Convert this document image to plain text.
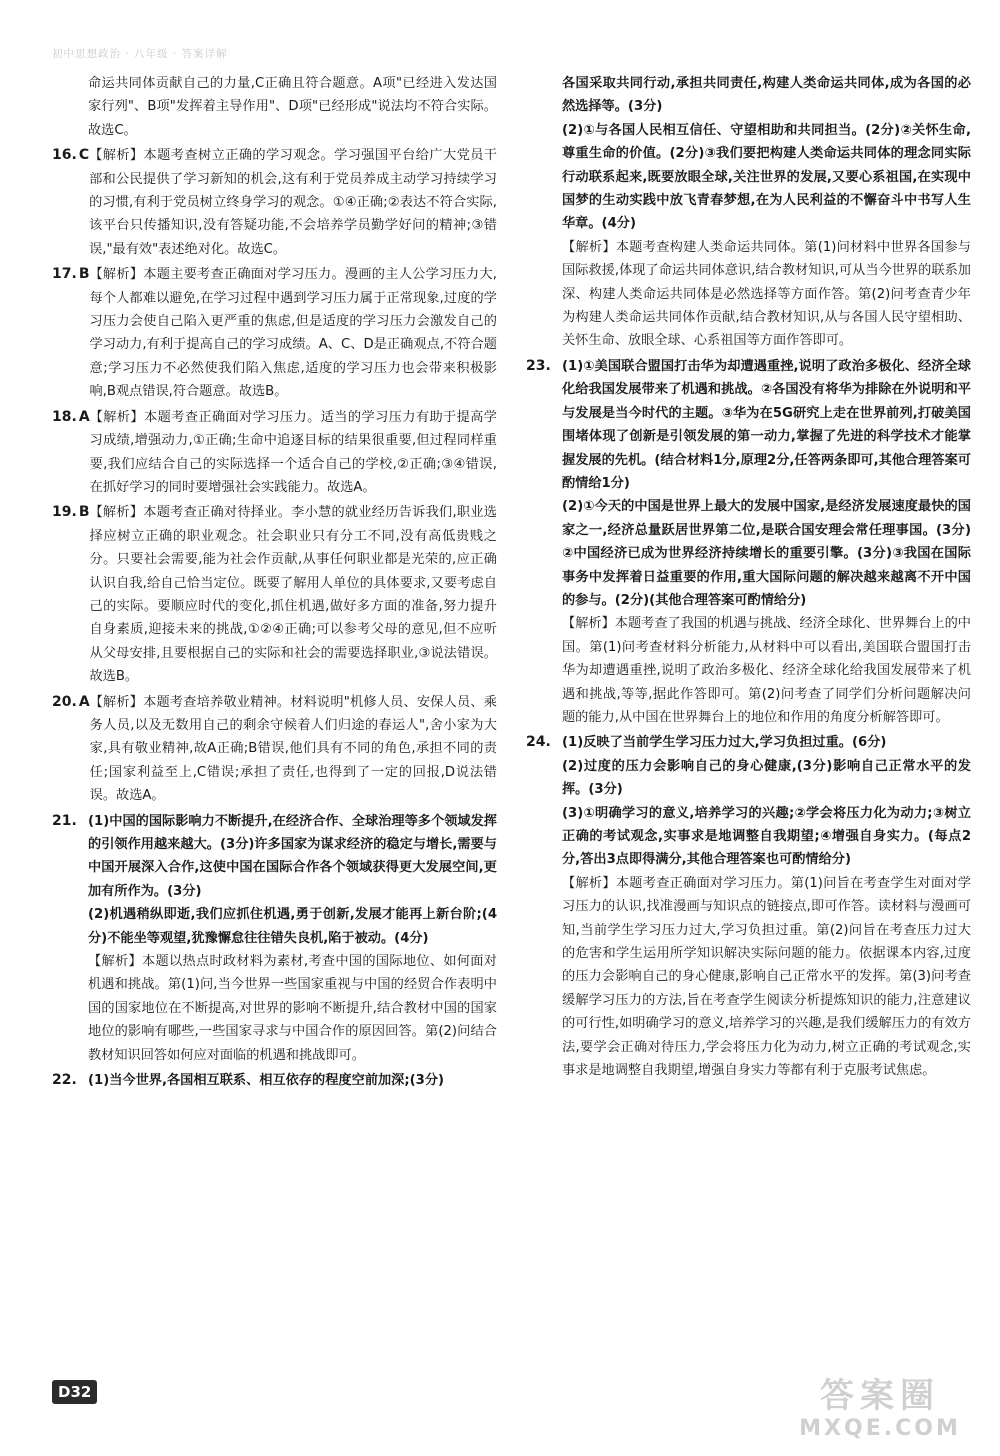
初中思想政治 · 八年级 · 答案详解

命运共同体贡献自己的力量,C正确且符合题意。A项"已经进入发达国家行列"、B项"发挥着主导作用"、D项"已经形成"说法均不符合实际。故选C。

16. C 【解析】本题考查树立正确的学习观念。学习强国平台给广大党员干部和公民提供了学习新知的机会,这有利于党员养成主动学习持续学习的习惯,有利于党员树立终身学习的观念。①④正确;②表达不符合实际,该平台只传播知识,没有答疑功能,不会培养学员勤学好问的精神;③错误,"最有效"表述绝对化。故选C。

17. B 【解析】本题主要考查正确面对学习压力。漫画的主人公学习压力大,每个人都难以避免,在学习过程中遇到学习压力属于正常现象,过度的学习压力会使自己陷入更严重的焦虑,但是适度的学习压力会激发自己的学习动力,有利于提高自己的学习成绩。A、C、D是正确观点,不符合题意;学习压力不必然使我们陷入焦虑,适度的学习压力也会带来积极影响,B观点错误,符合题意。故选B。

18. A 【解析】本题考查正确面对学习压力。适当的学习压力有助于提高学习成绩,增强动力,①正确;生命中追逐目标的结果很重要,但过程同样重要,我们应结合自己的实际选择一个适合自己的学校,②正确;③④错误,在抓好学习的同时要增强社会实践能力。故选A。

19. B 【解析】本题考查正确对待择业。李小慧的就业经历告诉我们,职业选择应树立正确的职业观念。社会职业只有分工不同,没有高低贵贱之分。只要社会需要,能为社会作贡献,从事任何职业都是光荣的,应正确认识自我,给自己恰当定位。既要了解用人单位的具体要求,又要考虑自己的实际。要顺应时代的变化,抓住机遇,做好多方面的准备,努力提升自身素质,迎接未来的挑战,①②④正确;可以参考父母的意见,但不应听从父母安排,且要根据自己的实际和社会的需要选择职业,③说法错误。故选B。

20. A 【解析】本题考查培养敬业精神。材料说明"机修人员、安保人员、乘务人员,以及无数用自己的剩余守候着人们归途的春运人",舍小家为大家,具有敬业精神,故A正确;B错误,他们具有不同的角色,承担不同的责任;国家利益至上,C错误;承担了责任,也得到了一定的回报,D说法错误。故选A。

21. (1)中国的国际影响力不断提升,在经济合作、全球治理等多个领域发挥的引领作用越来越大。(3分)许多国家为谋求经济的稳定与增长,需要与中国开展深入合作,这使中国在国际合作各个领域获得更大发展空间,更加有所作为。(3分)

(2)机遇稍纵即逝,我们应抓住机遇,勇于创新,发展才能再上新台阶;(4分)不能坐等观望,犹豫懈怠往往错失良机,陷于被动。(4分)

【解析】本题以热点时政材料为素材,考查中国的国际地位、如何面对机遇和挑战。第(1)问,当今世界一些国家重视与中国的经贸合作表明中国的国家地位在不断提高,对世界的影响不断提升,结合教材中国的国家地位的影响有哪些,一些国家寻求与中国合作的原因回答。第(2)问结合教材知识回答如何应对面临的机遇和挑战即可。

22. (1)当今世界,各国相互联系、相互依存的程度空前加深;(3分)

各国采取共同行动,承担共同责任,构建人类命运共同体,成为各国的必然选择等。(3分)

(2)①与各国人民相互信任、守望相助和共同担当。(2分)②关怀生命,尊重生命的价值。(2分)③我们要把构建人类命运共同体的理念同实际行动联系起来,既要放眼全球,关注世界的发展,又要心系祖国,在实现中国梦的生动实践中放飞青春梦想,在为人民利益的不懈奋斗中书写人生华章。(4分)

【解析】本题考查构建人类命运共同体。第(1)问材料中世界各国参与国际救援,体现了命运共同体意识,结合教材知识,可从当今世界的联系加深、构建人类命运共同体是必然选择等方面作答。第(2)问考查青少年为构建人类命运共同体作贡献,结合教材知识,从与各国人民守望相助、关怀生命、放眼全球、心系祖国等方面作答即可。

23. (1)①美国联合盟国打击华为却遭遇重挫,说明了政治多极化、经济全球化给我国发展带来了机遇和挑战。②各国没有将华为排除在外说明和平与发展是当今时代的主题。③华为在5G研究上走在世界前列,打破美国围堵体现了创新是引领发展的第一动力,掌握了先进的科学技术才能掌握发展的先机。(结合材料1分,原理2分,任答两条即可,其他合理答案可酌情给1分)

(2)①今天的中国是世界上最大的发展中国家,是经济发展速度最快的国家之一,经济总量跃居世界第二位,是联合国安理会常任理事国。(3分)②中国经济已成为世界经济持续增长的重要引擎。(3分)③我国在国际事务中发挥着日益重要的作用,重大国际问题的解决越来越离不开中国的参与。(2分)(其他合理答案可酌情给分)

【解析】本题考查了我国的机遇与挑战、经济全球化、世界舞台上的中国。第(1)问考查材料分析能力,从材料中可以看出,美国联合盟国打击华为却遭遇重挫,说明了政治多极化、经济全球化给我国发展带来了机遇和挑战,等等,据此作答即可。第(2)问考查了同学们分析问题解决问题的能力,从中国在世界舞台上的地位和作用的角度分析解答即可。

24. (1)反映了当前学生学习压力过大,学习负担过重。(6分)

(2)过度的压力会影响自己的身心健康,(3分)影响自己正常水平的发挥。(3分)

(3)①明确学习的意义,培养学习的兴趣;②学会将压力化为动力;③树立正确的考试观念,实事求是地调整自我期望;④增强自身实力。(每点2分,答出3点即得满分,其他合理答案也可酌情给分)

【解析】本题考查正确面对学习压力。第(1)问旨在考查学生对面对学习压力的认识,找准漫画与知识点的链接点,即可作答。读材料与漫画可知,当前学生学习压力过大,学习负担过重。第(2)问旨在考查压力过大的危害和学生运用所学知识解决实际问题的能力。依据课本内容,过度的压力会影响自己的身心健康,影响自己正常水平的发挥。第(3)问考查缓解学习压力的方法,旨在考查学生阅读分析提炼知识的能力,注意建议的可行性,如明确学习的意义,培养学习的兴趣,是我们缓解压力的有效方法,要学会正确对待压力,学会将压力化为动力,树立正确的考试观念,实事求是地调整自我期望,增强自身实力等都有利于克服考试焦虑。

D32	答案圈
MXQE.COM
